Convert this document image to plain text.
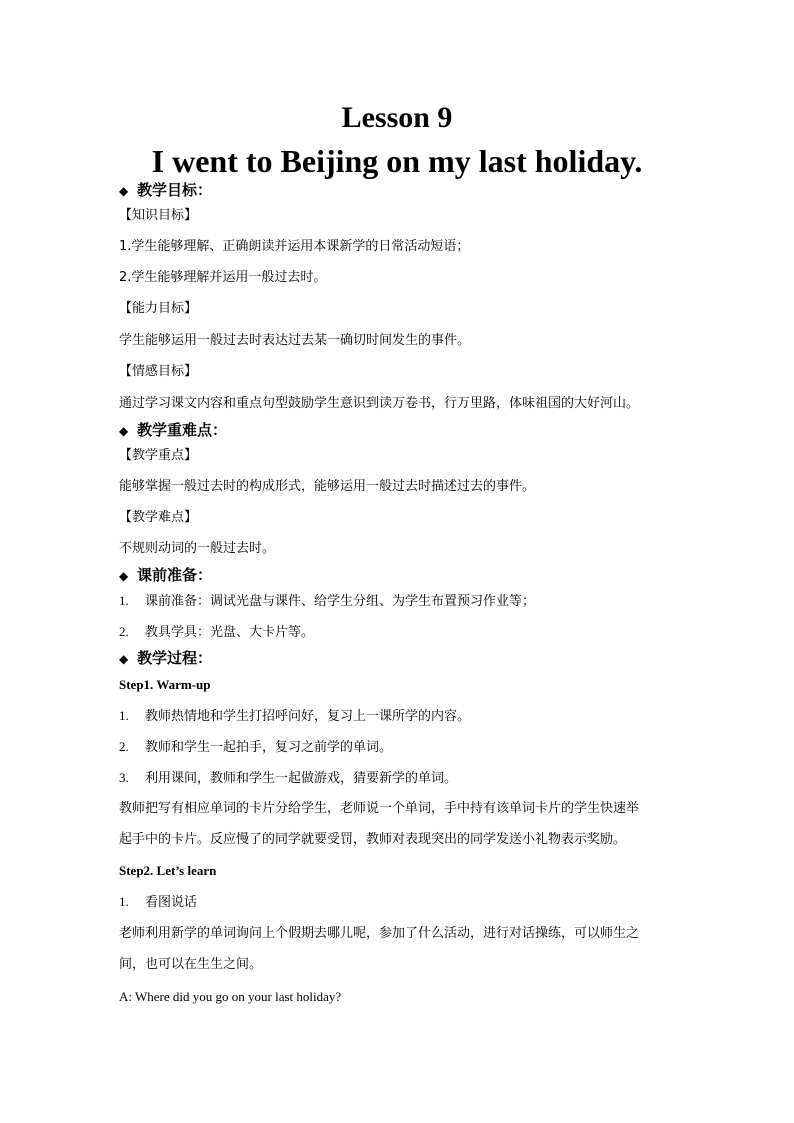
Lesson 9
I went to Beijing on my last holiday.
◆ 教学目标：
【知识目标】
1.学生能够理解、正确朗读并运用本课新学的日常活动短语；
2.学生能够理解并运用一般过去时。
【能力目标】
学生能够运用一般过去时表达过去某一确切时间发生的事件。
【情感目标】
通过学习课文内容和重点句型鼓励学生意识到读万卷书，行万里路，体味祖国的大好河山。
◆ 教学重难点：
【教学重点】
能够掌握一般过去时的构成形式，能够运用一般过去时描述过去的事件。
【教学难点】
不规则动词的一般过去时。
◆ 课前准备：
1. 课前准备：调试光盘与课件、给学生分组、为学生布置预习作业等；
2. 教具学具：光盘、大卡片等。
◆ 教学过程：
Step1. Warm-up
1. 教师热情地和学生打招呼问好，复习上一课所学的内容。
2. 教师和学生一起拍手，复习之前学的单词。
3. 利用课间，教师和学生一起做游戏，猜要新学的单词。
教师把写有相应单词的卡片分给学生，老师说一个单词，手中持有该单词卡片的学生快速举
起手中的卡片。反应慢了的同学就要受罚，教师对表现突出的同学发送小礼物表示奖励。
Step2. Let’s learn
1. 看图说话
老师利用新学的单词询问上个假期去哪儿呢，参加了什么活动，进行对话操练，可以师生之
间，也可以在生生之间。
A: Where did you go on your last holiday?
